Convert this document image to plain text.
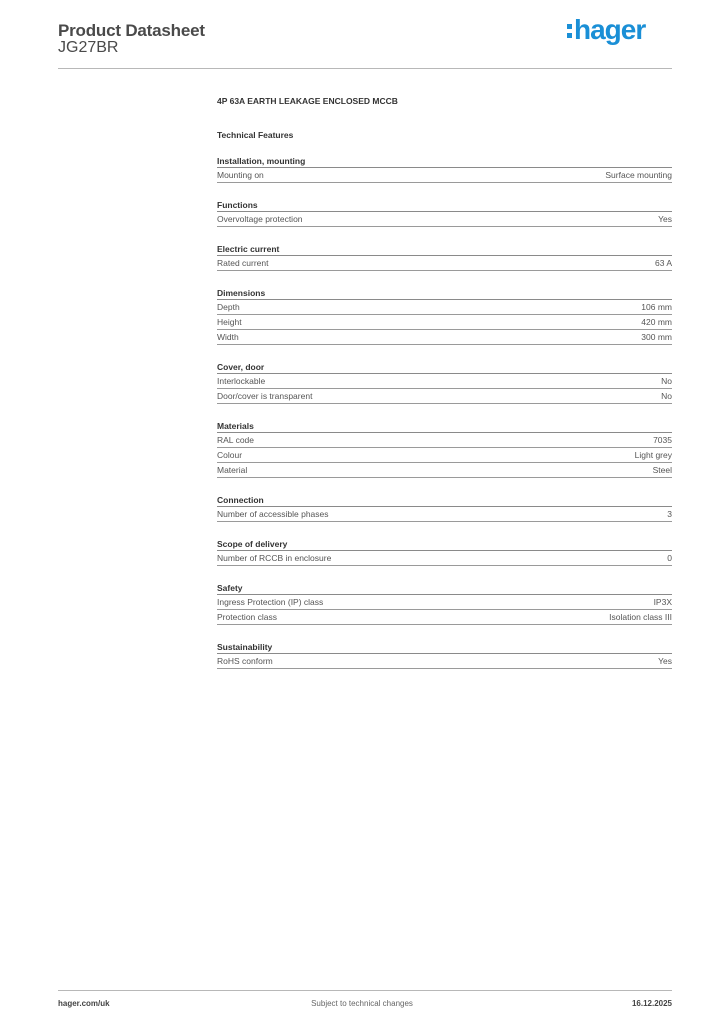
Product Datasheet
JG27BR
hager
4P 63A EARTH LEAKAGE ENCLOSED MCCB
Technical Features
Installation, mounting
Mounting on	Surface mounting
Functions
Overvoltage protection	Yes
Electric current
Rated current	63 A
Dimensions
Depth	106 mm
Height	420 mm
Width	300 mm
Cover, door
Interlockable	No
Door/cover is transparent	No
Materials
RAL code	7035
Colour	Light grey
Material	Steel
Connection
Number of accessible phases	3
Scope of delivery
Number of RCCB in enclosure	0
Safety
Ingress Protection (IP) class	IP3X
Protection class	Isolation class III
Sustainability
RoHS conform	Yes
hager.com/uk	Subject to technical changes	16.12.2025
